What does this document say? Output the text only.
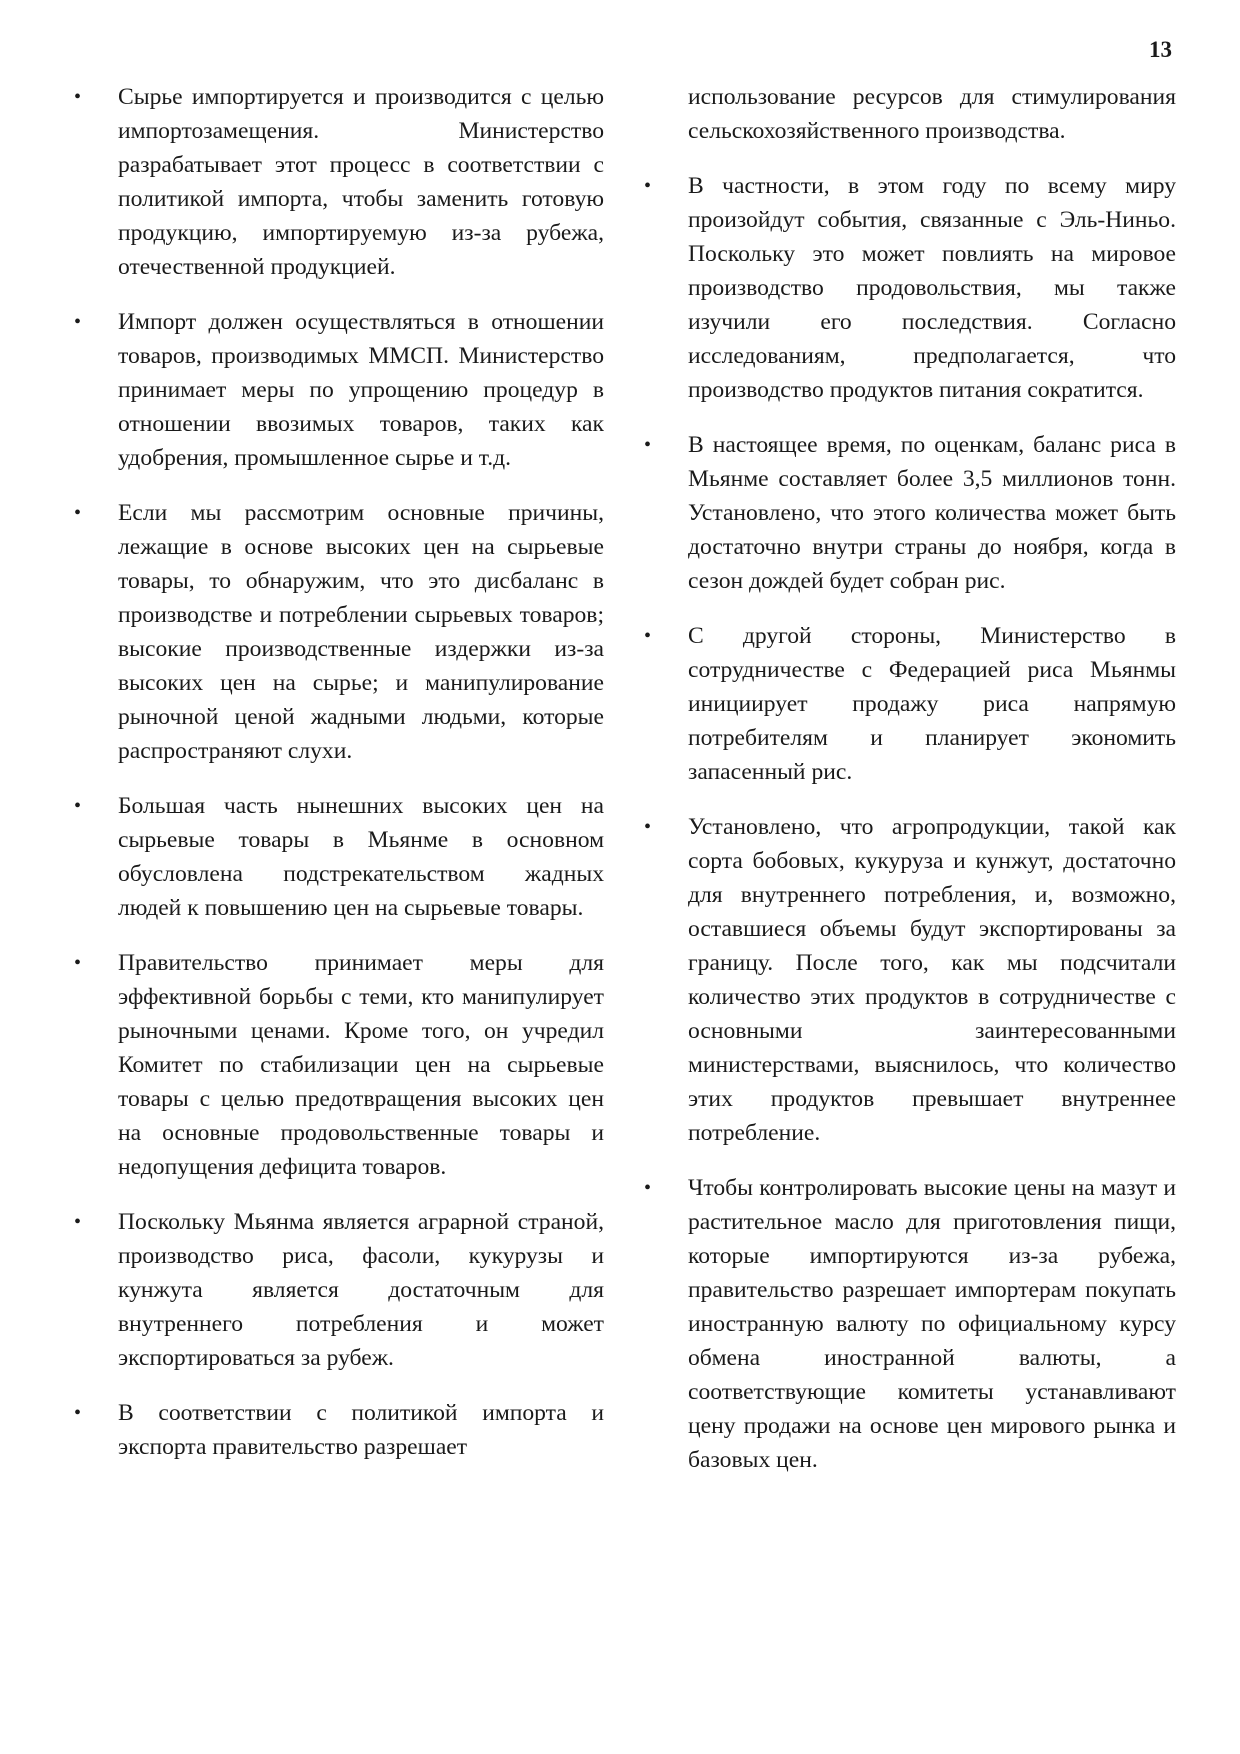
13
• Сырье импортируется и производится с целью импортозамещения. Министерство разрабатывает этот процесс в соответствии с политикой импорта, чтобы заменить готовую продукцию, импортируемую из-за рубежа, отечественной продукцией.
• Импорт должен осуществляться в отношении товаров, производимых ММСП. Министерство принимает меры по упрощению процедур в отношении ввозимых товаров, таких как удобрения, промышленное сырье и т.д.
• Если мы рассмотрим основные причины, лежащие в основе высоких цен на сырьевые товары, то обнаружим, что это дисбаланс в производстве и потреблении сырьевых товаров; высокие производственные издержки из-за высоких цен на сырье; и манипулирование рыночной ценой жадными людьми, которые распространяют слухи.
• Большая часть нынешних высоких цен на сырьевые товары в Мьянме в основном обусловлена подстрекательством жадных людей к повышению цен на сырьевые товары.
• Правительство принимает меры для эффективной борьбы с теми, кто манипулирует рыночными ценами. Кроме того, он учредил Комитет по стабилизации цен на сырьевые товары с целью предотвращения высоких цен на основные продовольственные товары и недопущения дефицита товаров.
• Поскольку Мьянма является аграрной страной, производство риса, фасоли, кукурузы и кунжута является достаточным для внутреннего потребления и может экспортироваться за рубеж.
• В соответствии с политикой импорта и экспорта правительство разрешает
использование ресурсов для стимулирования сельскохозяйственного производства.
• В частности, в этом году по всему миру произойдут события, связанные с Эль-Ниньо. Поскольку это может повлиять на мировое производство продовольствия, мы также изучили его последствия. Согласно исследованиям, предполагается, что производство продуктов питания сократится.
• В настоящее время, по оценкам, баланс риса в Мьянме составляет более 3,5 миллионов тонн. Установлено, что этого количества может быть достаточно внутри страны до ноября, когда в сезон дождей будет собран рис.
• С другой стороны, Министерство в сотрудничестве с Федерацией риса Мьянмы инициирует продажу риса напрямую потребителям и планирует экономить запасенный рис.
• Установлено, что агропродукции, такой как сорта бобовых, кукуруза и кунжут, достаточно для внутреннего потребления, и, возможно, оставшиеся объемы будут экспортированы за границу. После того, как мы подсчитали количество этих продуктов в сотрудничестве с основными заинтересованными министерствами, выяснилось, что количество этих продуктов превышает внутреннее потребление.
• Чтобы контролировать высокие цены на мазут и растительное масло для приготовления пищи, которые импортируются из-за рубежа, правительство разрешает импортерам покупать иностранную валюту по официальному курсу обмена иностранной валюты, а соответствующие комитеты устанавливают цену продажи на основе цен мирового рынка и базовых цен.
